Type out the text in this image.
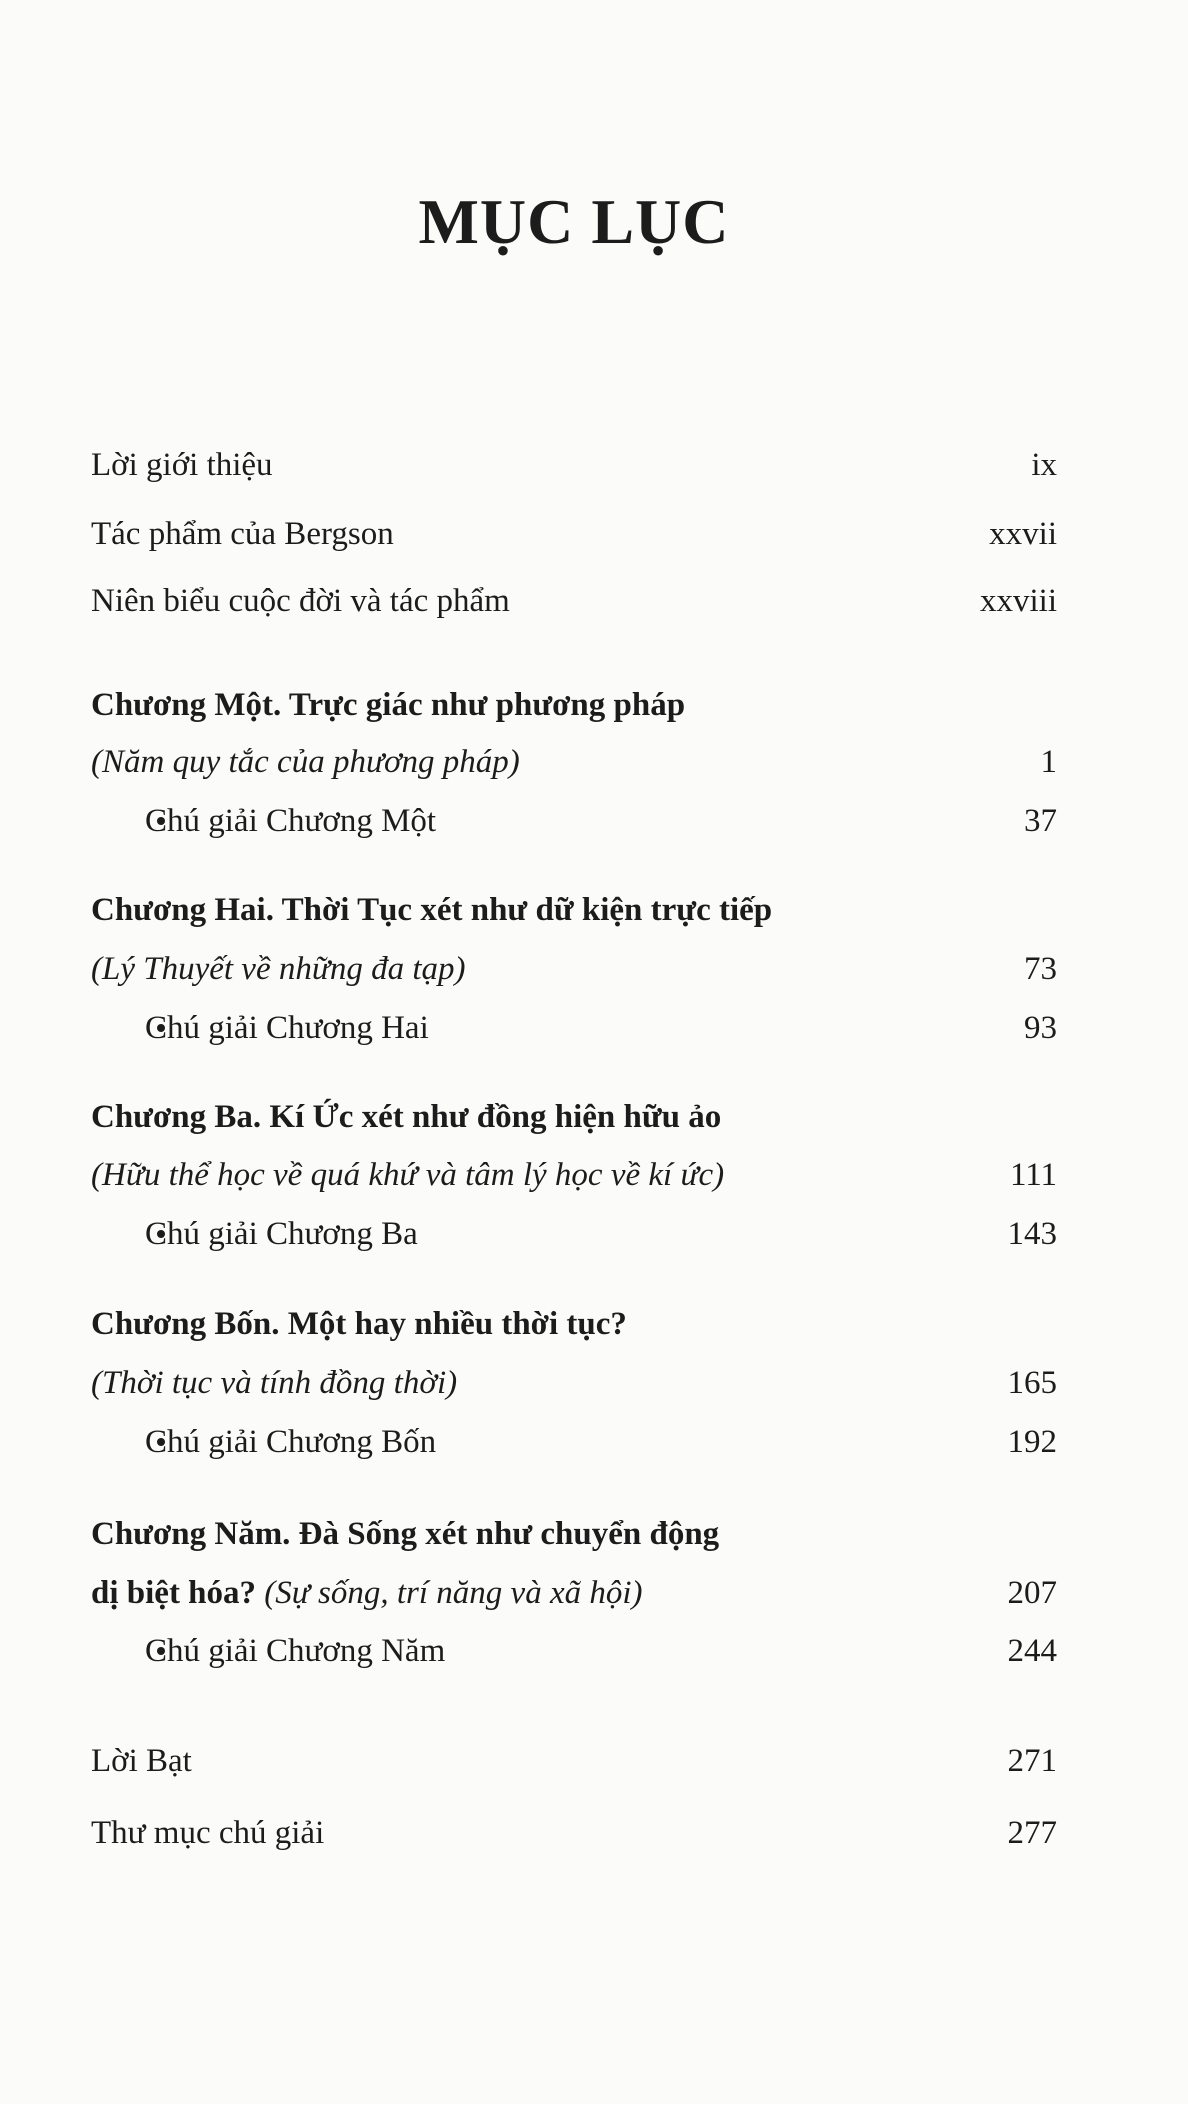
MỤC LỤC
Lời giới thiệu	ix
Tác phẩm của Bergson	xxvii
Niên biểu cuộc đời và tác phẩm	xxviii
Chương Một. Trực giác như phương pháp
(Năm quy tắc của phương pháp)	1
Chú giải Chương Một	37
Chương Hai. Thời Tục xét như dữ kiện trực tiếp
(Lý Thuyết về những đa tạp)	73
Chú giải Chương Hai	93
Chương Ba. Kí Ức xét như đồng hiện hữu ảo
(Hữu thể học về quá khứ và tâm lý học về kí ức)	111
Chú giải Chương Ba	143
Chương Bốn. Một hay nhiều thời tục?
(Thời tục và tính đồng thời)	165
Chú giải Chương Bốn	192
Chương Năm. Đà Sống xét như chuyển động
dị biệt hóa? (Sự sống, trí năng và xã hội)	207
Chú giải Chương Năm	244
Lời Bạt	271
Thư mục chú giải	277
